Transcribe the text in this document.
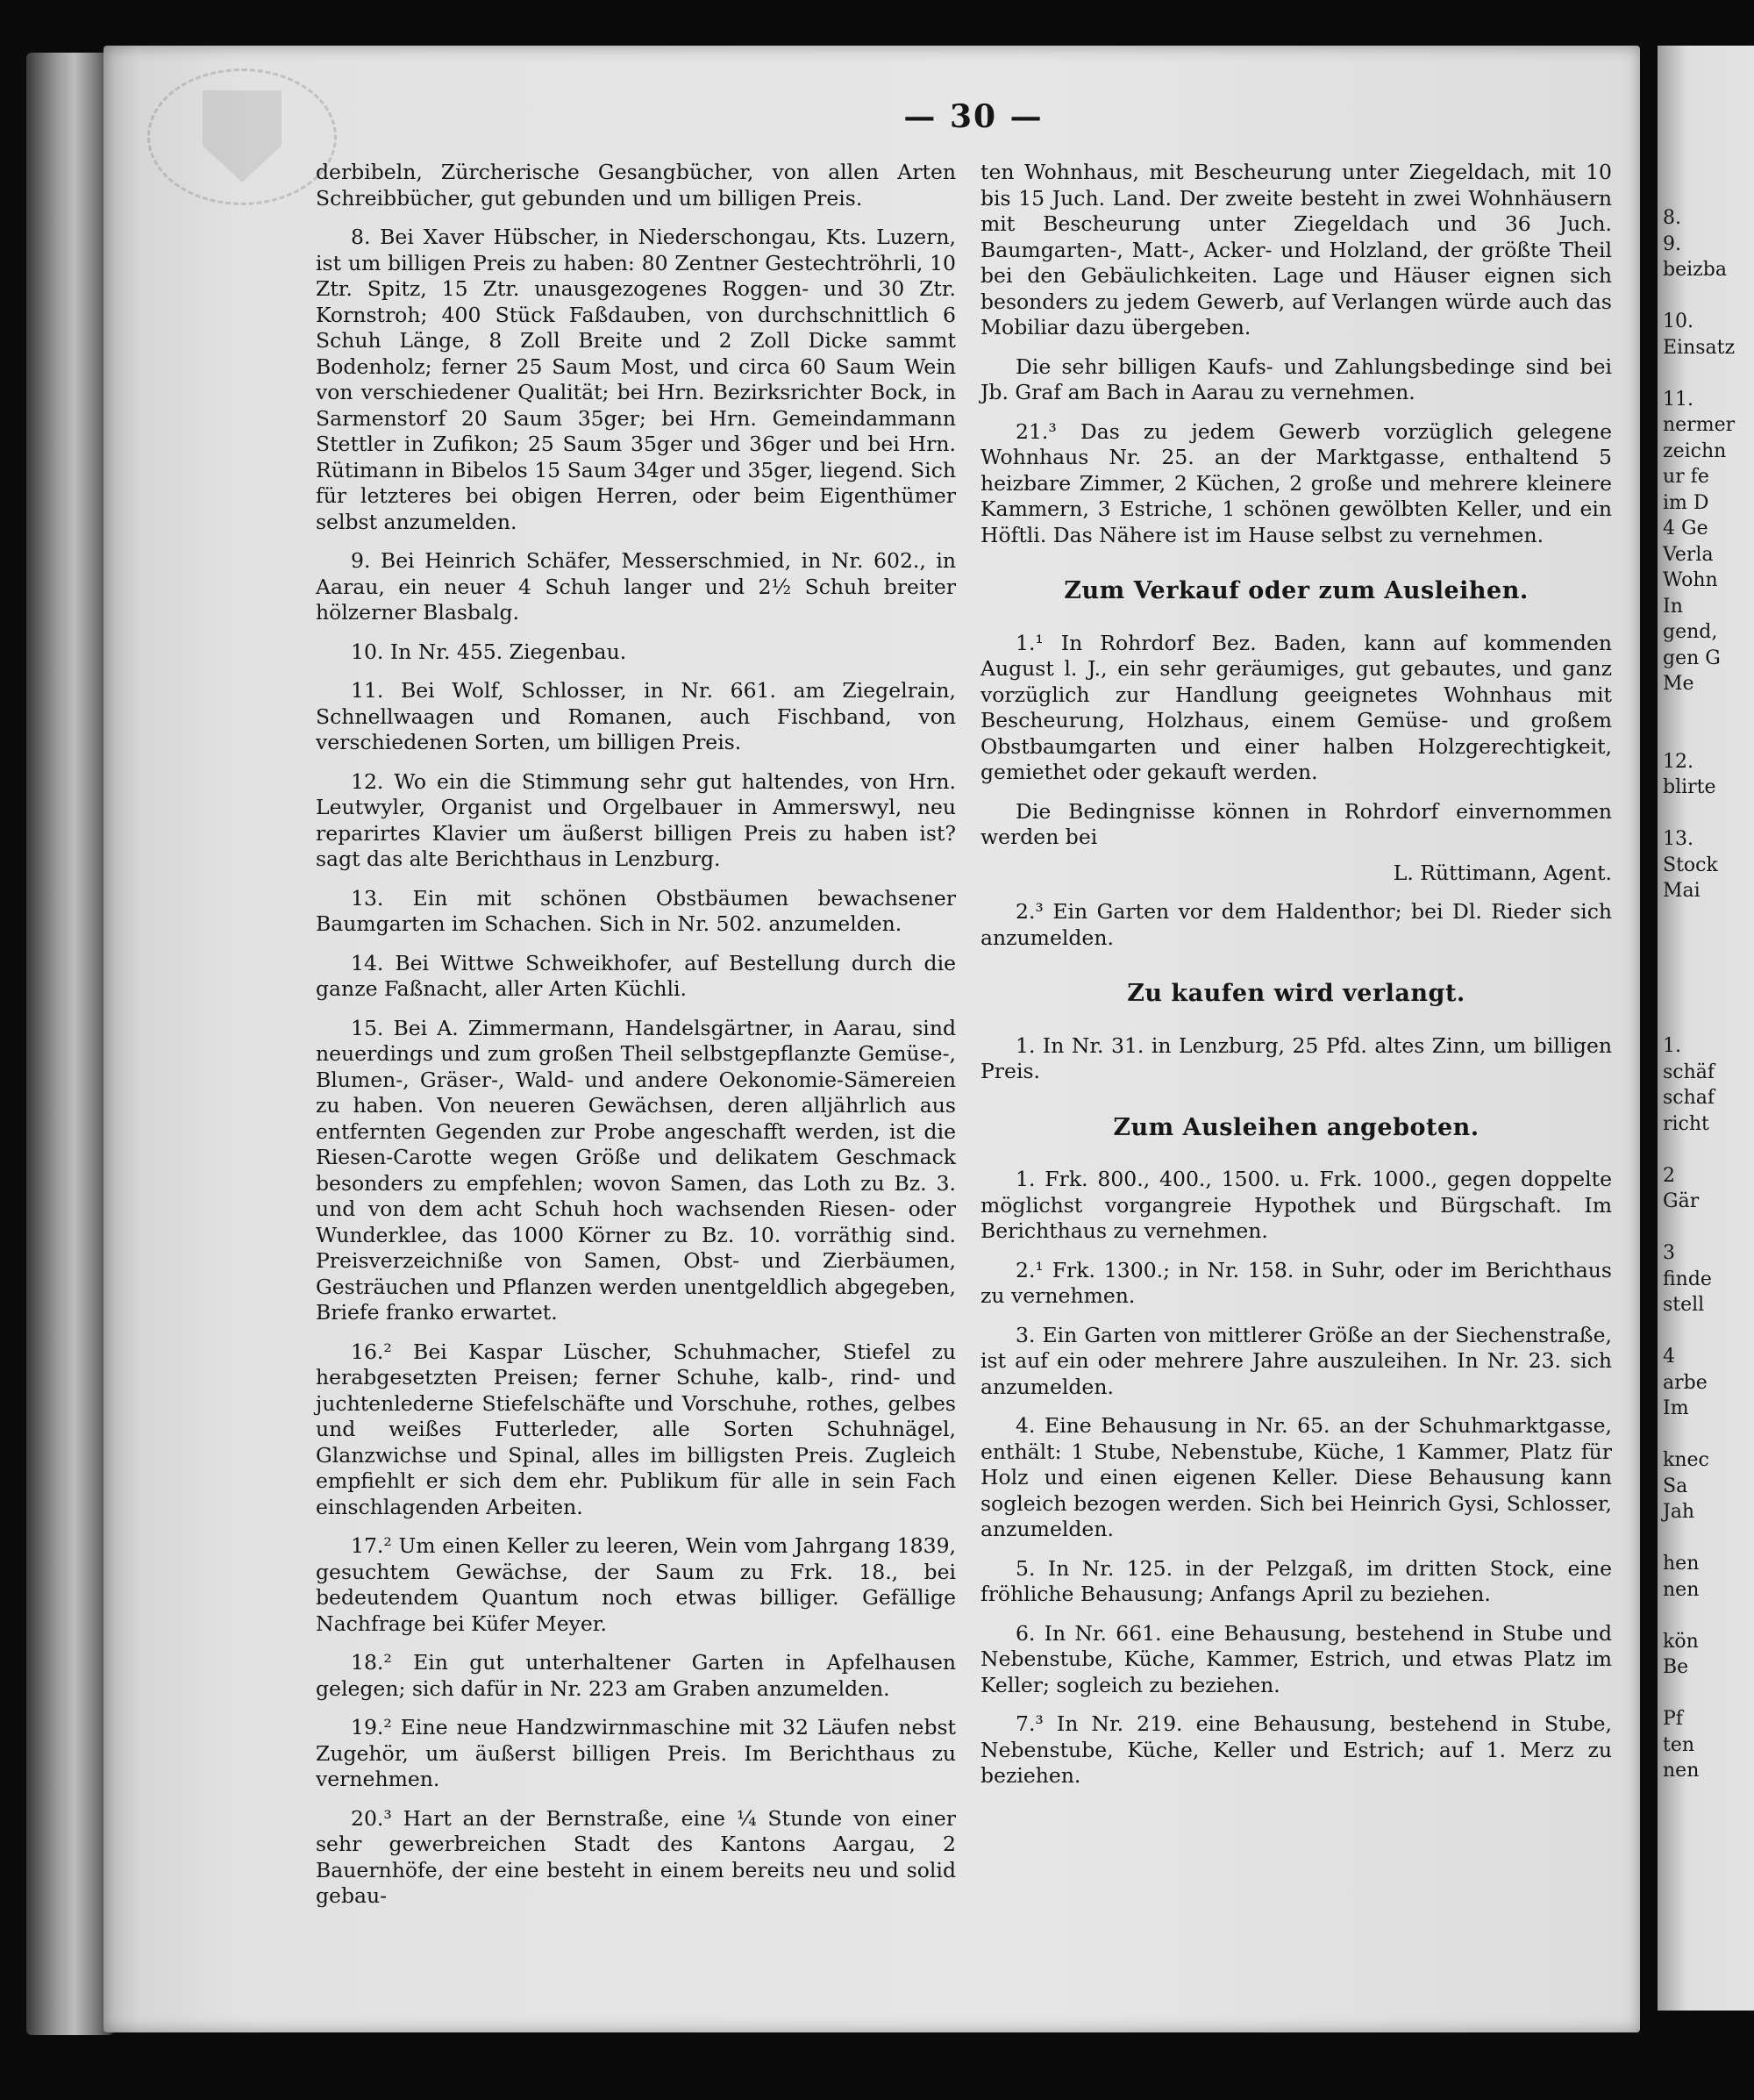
8.
9.
beizba
10.
Einsatz
11.
nermer
zeichn
ur fe
im D
4 Ge
Verla
Wohn
In
gend,
gen G
Me
12.
blirte
13.
Stock
Mai
1.
schäf
schaf
richt
2
Gär
3
finde
stell
4
arbe
Im
knec
Sa
Jah
hen
nen
kön
Be
Pf
ten
nen
— 30 —

derbibeln, Zürcherische Gesangbücher, von allen Arten Schreibbücher, gut gebunden und um billigen Preis.

8. Bei Xaver Hübscher, in Niederschongau, Kts. Luzern, ist um billigen Preis zu haben: 80 Zentner Gestechtröhrli, 10 Ztr. Spitz, 15 Ztr. unausgezogenes Roggen- und 30 Ztr. Kornstroh; 400 Stück Faßdauben, von durchschnittlich 6 Schuh Länge, 8 Zoll Breite und 2 Zoll Dicke sammt Bodenholz; ferner 25 Saum Most, und circa 60 Saum Wein von verschiedener Qualität; bei Hrn. Bezirksrichter Bock, in Sarmenstorf 20 Saum 35ger; bei Hrn. Gemeindammann Stettler in Zufikon; 25 Saum 35ger und 36ger und bei Hrn. Rütimann in Bibelos 15 Saum 34ger und 35ger, liegend. Sich für letzteres bei obigen Herren, oder beim Eigenthümer selbst anzumelden.

9. Bei Heinrich Schäfer, Messerschmied, in Nr. 602., in Aarau, ein neuer 4 Schuh langer und 2½ Schuh breiter hölzerner Blasbalg.

10. In Nr. 455. Ziegenbau.

11. Bei Wolf, Schlosser, in Nr. 661. am Ziegelrain, Schnellwaagen und Romanen, auch Fischband, von verschiedenen Sorten, um billigen Preis.

12. Wo ein die Stimmung sehr gut haltendes, von Hrn. Leutwyler, Organist und Orgelbauer in Ammerswyl, neu reparirtes Klavier um äußerst billigen Preis zu haben ist? sagt das alte Berichthaus in Lenzburg.

13. Ein mit schönen Obstbäumen bewachsener Baumgarten im Schachen. Sich in Nr. 502. anzumelden.

14. Bei Wittwe Schweikhofer, auf Bestellung durch die ganze Faßnacht, aller Arten Küchli.

15. Bei A. Zimmermann, Handelsgärtner, in Aarau, sind neuerdings und zum großen Theil selbstgepflanzte Gemüse-, Blumen-, Gräser-, Wald- und andere Oekonomie-Sämereien zu haben. Von neueren Gewächsen, deren alljährlich aus entfernten Gegenden zur Probe angeschafft werden, ist die Riesen-Carotte wegen Größe und delikatem Geschmack besonders zu empfehlen; wovon Samen, das Loth zu Bz. 3. und von dem acht Schuh hoch wachsenden Riesen- oder Wunderklee, das 1000 Körner zu Bz. 10. vorräthig sind. Preisverzeichniße von Samen, Obst- und Zierbäumen, Gesträuchen und Pflanzen werden unentgeldlich abgegeben, Briefe franko erwartet.

16.² Bei Kaspar Lüscher, Schuhmacher, Stiefel zu herabgesetzten Preisen; ferner Schuhe, kalb-, rind- und juchtenlederne Stiefelschäfte und Vorschuhe, rothes, gelbes und weißes Futterleder, alle Sorten Schuhnägel, Glanzwichse und Spinal, alles im billigsten Preis. Zugleich empfiehlt er sich dem ehr. Publikum für alle in sein Fach einschlagenden Arbeiten.

17.² Um einen Keller zu leeren, Wein vom Jahrgang 1839, gesuchtem Gewächse, der Saum zu Frk. 18., bei bedeutendem Quantum noch etwas billiger. Gefällige Nachfrage bei Küfer Meyer.

18.² Ein gut unterhaltener Garten in Apfelhausen gelegen; sich dafür in Nr. 223 am Graben anzumelden.

19.² Eine neue Handzwirnmaschine mit 32 Läufen nebst Zugehör, um äußerst billigen Preis. Im Berichthaus zu vernehmen.

20.³ Hart an der Bernstraße, eine ¼ Stunde von einer sehr gewerbreichen Stadt des Kantons Aargau, 2 Bauernhöfe, der eine besteht in einem bereits neu und solid gebau-

ten Wohnhaus, mit Bescheurung unter Ziegeldach, mit 10 bis 15 Juch. Land. Der zweite besteht in zwei Wohnhäusern mit Bescheurung unter Ziegeldach und 36 Juch. Baumgarten-, Matt-, Acker- und Holzland, der größte Theil bei den Gebäulichkeiten. Lage und Häuser eignen sich besonders zu jedem Gewerb, auf Verlangen würde auch das Mobiliar dazu übergeben.

Die sehr billigen Kaufs- und Zahlungsbedinge sind bei Jb. Graf am Bach in Aarau zu vernehmen.

21.³ Das zu jedem Gewerb vorzüglich gelegene Wohnhaus Nr. 25. an der Marktgasse, enthaltend 5 heizbare Zimmer, 2 Küchen, 2 große und mehrere kleinere Kammern, 3 Estriche, 1 schönen gewölbten Keller, und ein Höftli. Das Nähere ist im Hause selbst zu vernehmen.

Zum Verkauf oder zum Ausleihen.

1.¹ In Rohrdorf Bez. Baden, kann auf kommenden August l. J., ein sehr geräumiges, gut gebautes, und ganz vorzüglich zur Handlung geeignetes Wohnhaus mit Bescheurung, Holzhaus, einem Gemüse- und großem Obstbaumgarten und einer halben Holzgerechtigkeit, gemiethet oder gekauft werden.

Die Bedingnisse können in Rohrdorf einvernommen werden bei

L. Rüttimann, Agent.

2.³ Ein Garten vor dem Haldenthor; bei Dl. Rieder sich anzumelden.

Zu kaufen wird verlangt.

1. In Nr. 31. in Lenzburg, 25 Pfd. altes Zinn, um billigen Preis.

Zum Ausleihen angeboten.

1. Frk. 800., 400., 1500. u. Frk. 1000., gegen doppelte möglichst vorgangreie Hypothek und Bürgschaft. Im Berichthaus zu vernehmen.

2.¹ Frk. 1300.; in Nr. 158. in Suhr, oder im Berichthaus zu vernehmen.

3. Ein Garten von mittlerer Größe an der Siechenstraße, ist auf ein oder mehrere Jahre auszuleihen. In Nr. 23. sich anzumelden.

4. Eine Behausung in Nr. 65. an der Schuhmarktgasse, enthält: 1 Stube, Nebenstube, Küche, 1 Kammer, Platz für Holz und einen eigenen Keller. Diese Behausung kann sogleich bezogen werden. Sich bei Heinrich Gysi, Schlosser, anzumelden.

5. In Nr. 125. in der Pelzgaß, im dritten Stock, eine fröhliche Behausung; Anfangs April zu beziehen.

6. In Nr. 661. eine Behausung, bestehend in Stube und Nebenstube, Küche, Kammer, Estrich, und etwas Platz im Keller; sogleich zu beziehen.

7.³ In Nr. 219. eine Behausung, bestehend in Stube, Nebenstube, Küche, Keller und Estrich; auf 1. Merz zu beziehen.
